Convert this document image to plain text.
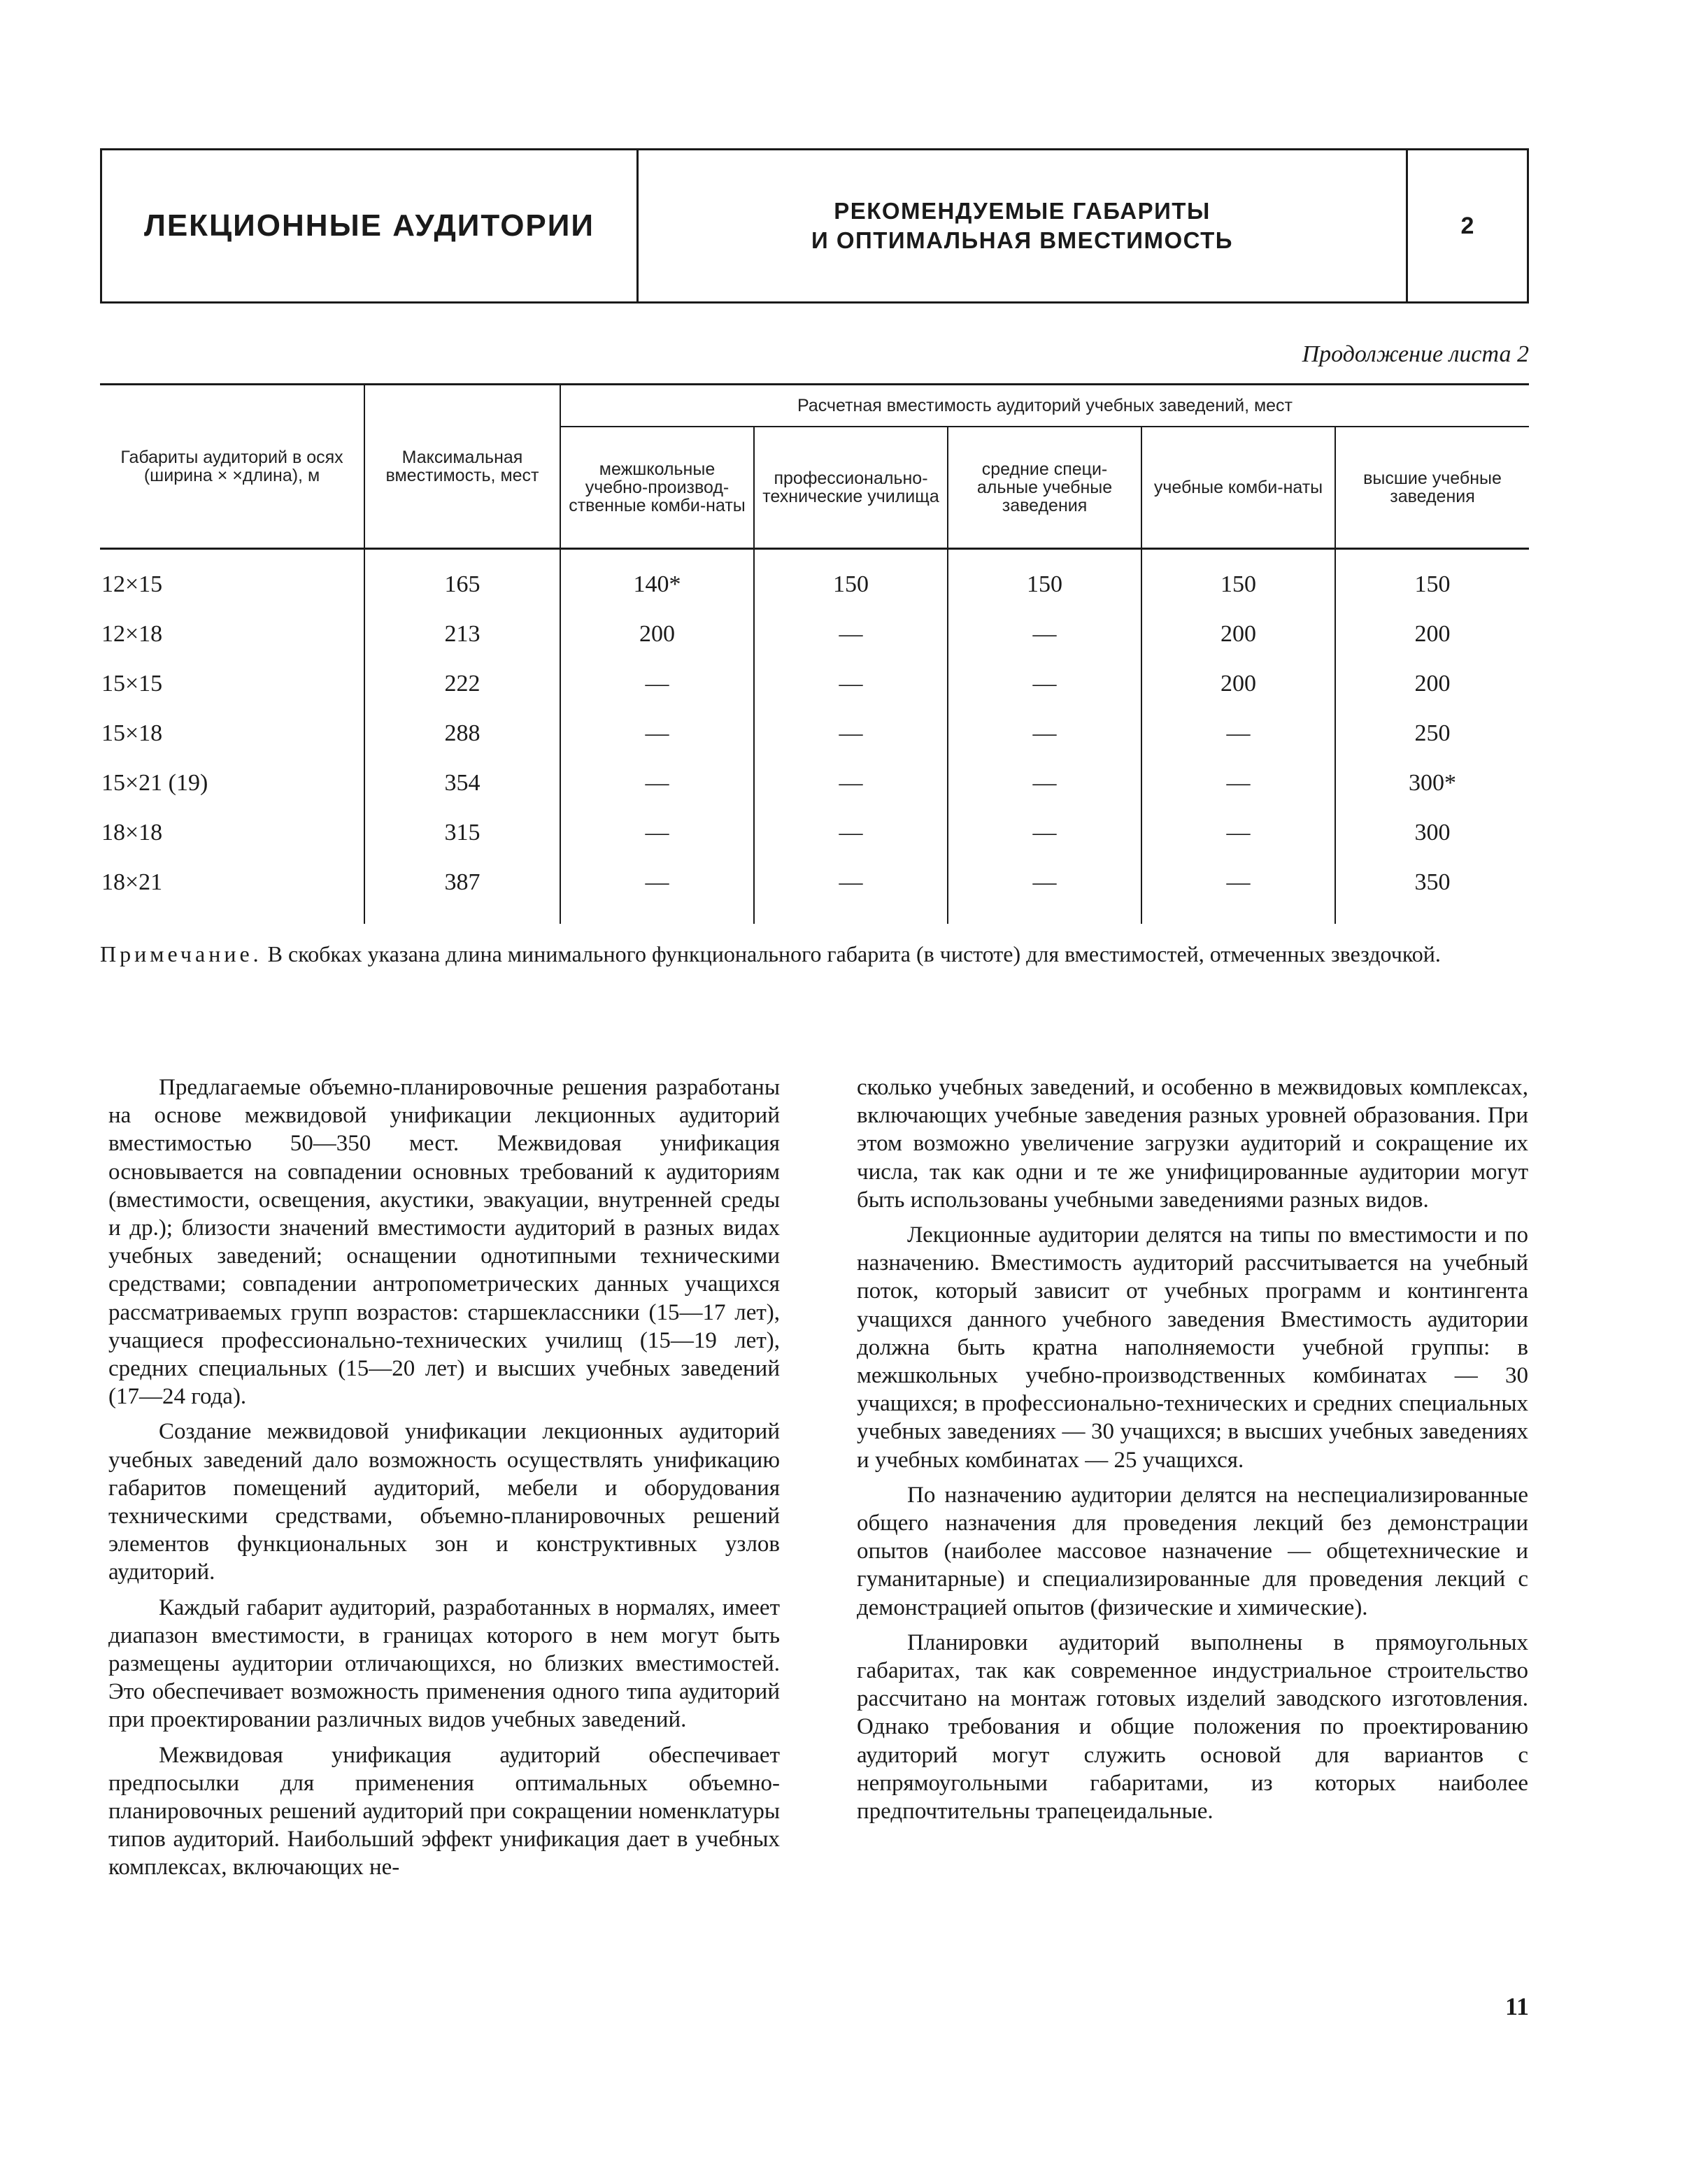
ЛЕКЦИОННЫЕ АУДИТОРИИ	РЕКОМЕНДУЕМЫЕ ГАБАРИТЫ

И ОПТИМАЛЬНАЯ ВМЕСТИМОСТЬ

2
Продолжение листа 2
Габариты аудиторий в осях (ширина × ×длина), м	Максимальная вместимость, мест	Расчетная вместимость аудиторий учебных заведений, мест				
		межшкольные учебно-производ-ственные комби-наты	профессионально-технические училища	средние специ-альные учебные заведения	учебные комби-наты	высшие учебные заведения
12×15	165	140*	150	150	150	150
12×18	213	200	—	—	200	200
15×15	222	—	—	—	200	200
15×18	288	—	—	—	—	250
15×21 (19)	354	—	—	—	—	300*
18×18	315	—	—	—	—	300
18×21	387	—	—	—	—	350

Примечание. В скобках указана длина минимального функционального габарита (в чистоте) для вместимостей, отмеченных звездочкой.

Предлагаемые объемно-планировочные решения разработаны на основе межвидовой унификации лекционных аудиторий вместимостью 50—350 мест. Межвидовая унификация основывается на совпадении основных требований к аудиториям (вместимости, освещения, акустики, эвакуации, внутренней среды и др.); близости значений вместимости аудиторий в разных видах учебных заведений; оснащении однотипными техническими средствами; совпадении антропометрических данных учащихся рассматриваемых групп возрастов: старшеклассники (15—17 лет), учащиеся профессионально-технических училищ (15—19 лет), средних специальных (15—20 лет) и высших учебных заведений (17—24 года).

Создание межвидовой унификации лекционных аудиторий учебных заведений дало возможность осуществлять унификацию габаритов помещений аудиторий, мебели и оборудования техническими средствами, объемно-планировочных решений элементов функциональных зон и конструктивных узлов аудиторий.

Каждый габарит аудиторий, разработанных в нормалях, имеет диапазон вместимости, в границах которого в нем могут быть размещены аудитории отличающихся, но близких вместимостей. Это обеспечивает возможность применения одного типа аудиторий при проектировании различных видов учебных заведений.

Межвидовая унификация аудиторий обеспечивает предпосылки для применения оптимальных объемно-планировочных решений аудиторий при сокращении номенклатуры типов аудиторий. Наибольший эффект унификация дает в учебных комплексах, включающих не-

сколько учебных заведений, и особенно в межвидовых комплексах, включающих учебные заведения разных уровней образования. При этом возможно увеличение загрузки аудиторий и сокращение их числа, так как одни и те же унифицированные аудитории могут быть использованы учебными заведениями разных видов.

Лекционные аудитории делятся на типы по вместимости и по назначению. Вместимость аудиторий рассчитывается на учебный поток, который зависит от учебных программ и контингента учащихся данного учебного заведения Вместимость аудитории должна быть кратна наполняемости учебной группы: в межшкольных учебно-производственных комбинатах — 30 учащихся; в профессионально-технических и средних специальных учебных заведениях — 30 учащихся; в высших учебных заведениях и учебных комбинатах — 25 учащихся.

По назначению аудитории делятся на неспециализированные общего назначения для проведения лекций без демонстрации опытов (наиболее массовое назначение — общетехнические и гуманитарные) и специализированные для проведения лекций с демонстрацией опытов (физические и химические).

Планировки аудиторий выполнены в прямоугольных габаритах, так как современное индустриальное строительство рассчитано на монтаж готовых изделий заводского изготовления. Однако требования и общие положения по проектированию аудиторий могут служить основой для вариантов с непрямоугольными габаритами, из которых наиболее предпочтительны трапецеидальные.

11
